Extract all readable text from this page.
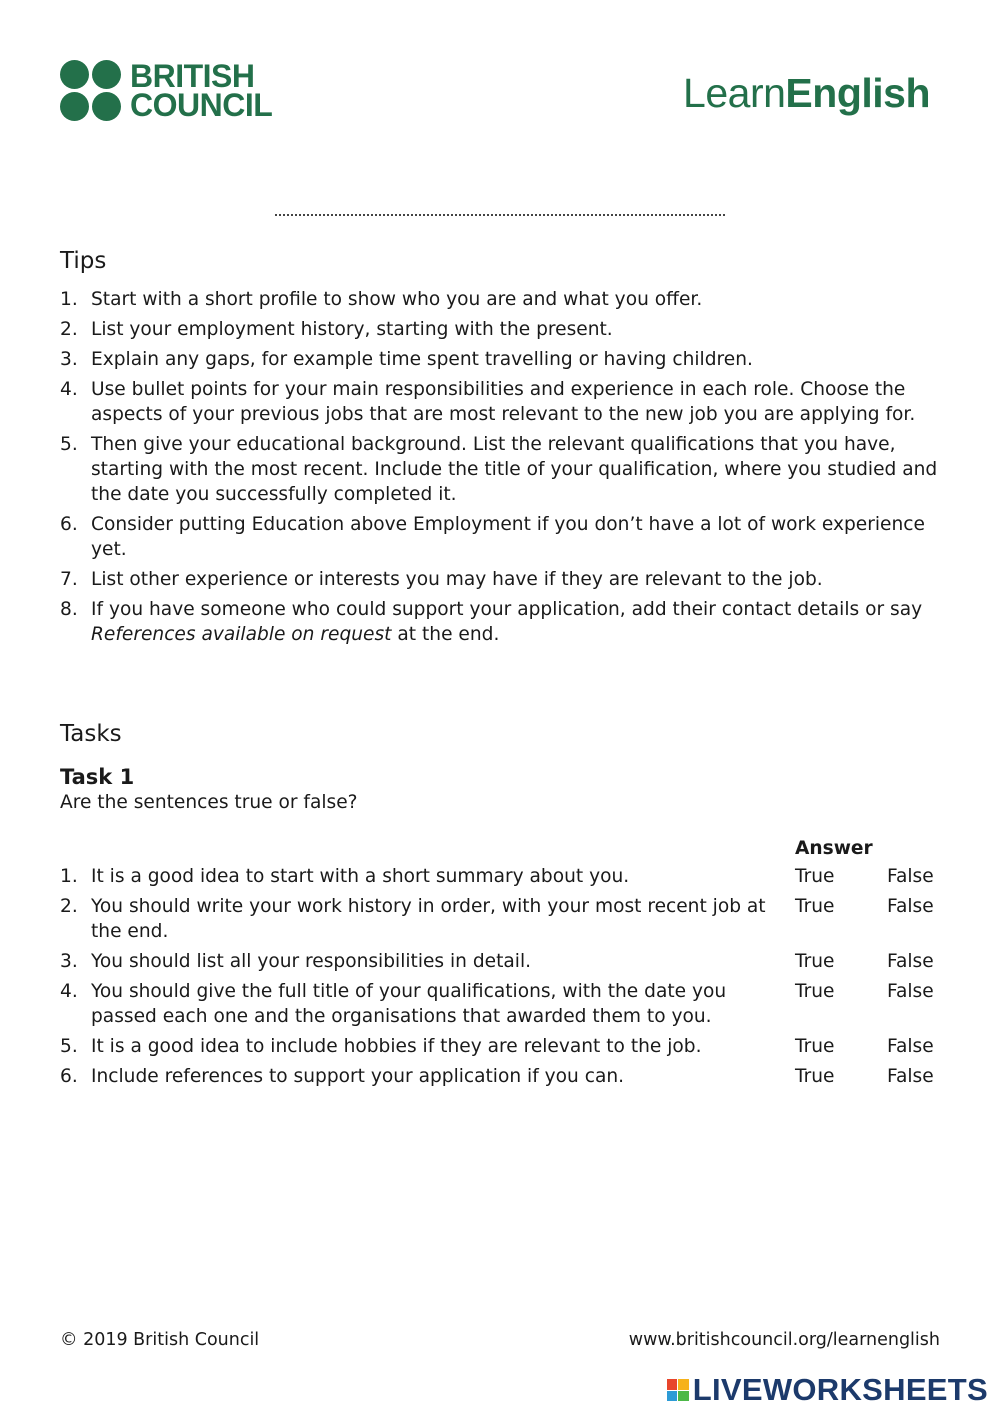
BRITISH
COUNCIL	LearnEnglish
Tips
1. Start with a short profile to show who you are and what you offer.
2. List your employment history, starting with the present.
3. Explain any gaps, for example time spent travelling or having children.
4. Use bullet points for your main responsibilities and experience in each role. Choose the aspects of your previous jobs that are most relevant to the new job you are applying for.
5. Then give your educational background. List the relevant qualifications that you have, starting with the most recent. Include the title of your qualification, where you studied and the date you successfully completed it.
6. Consider putting Education above Employment if you don’t have a lot of work experience yet.
7. List other experience or interests you may have if they are relevant to the job.
8. If you have someone who could support your application, add their contact details or say References available on request at the end.
Tasks
Task 1
Are the sentences true or false?
Answer
1. It is a good idea to start with a short summary about you.	True	False
2. You should write your work history in order, with your most recent job at the end.
True	False
3. You should list all your responsibilities in detail.	True	False
4. You should give the full title of your qualifications, with the date you passed each one and the organisations that awarded them to you.
True	False
5. It is a good idea to include hobbies if they are relevant to the job.	True	False
6. Include references to support your application if you can.	True	False
© 2019 British Council	www.britishcouncil.org/learnenglish
LIVEWORKSHEETS
